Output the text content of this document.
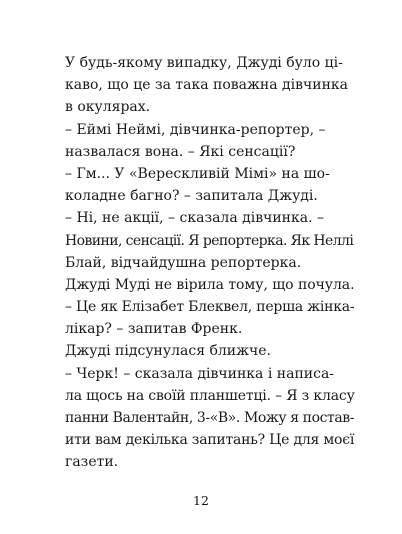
У будь-якому випадку, Джуді було ці-
каво, що це за така поважна дівчинка
в окулярах.
– Еймі Неймі, дівчинка-репортер, –
назвалася вона. – Які сенсації?
– Гм... У «Верескливій Мімі» на шо-
коладне багно? – запитала Джуді.
– Ні, не акції, – сказала дівчинка. –
Новини, сенсації. Я репортерка. Як Неллі
Блай, відчайдушна репортерка.
Джуді Муді не вірила тому, що почула.
– Це як Елізабет Блеквел, перша жінка-
лікар? – запитав Френк.
Джуді підсунулася ближче.
– Черк! – сказала дівчинка і написа-
ла щось на своїй планшетці. – Я з класу
панни Валентайн, 3-«В». Можу я постав-
ити вам декілька запитань? Це для моєї
газети.
12
